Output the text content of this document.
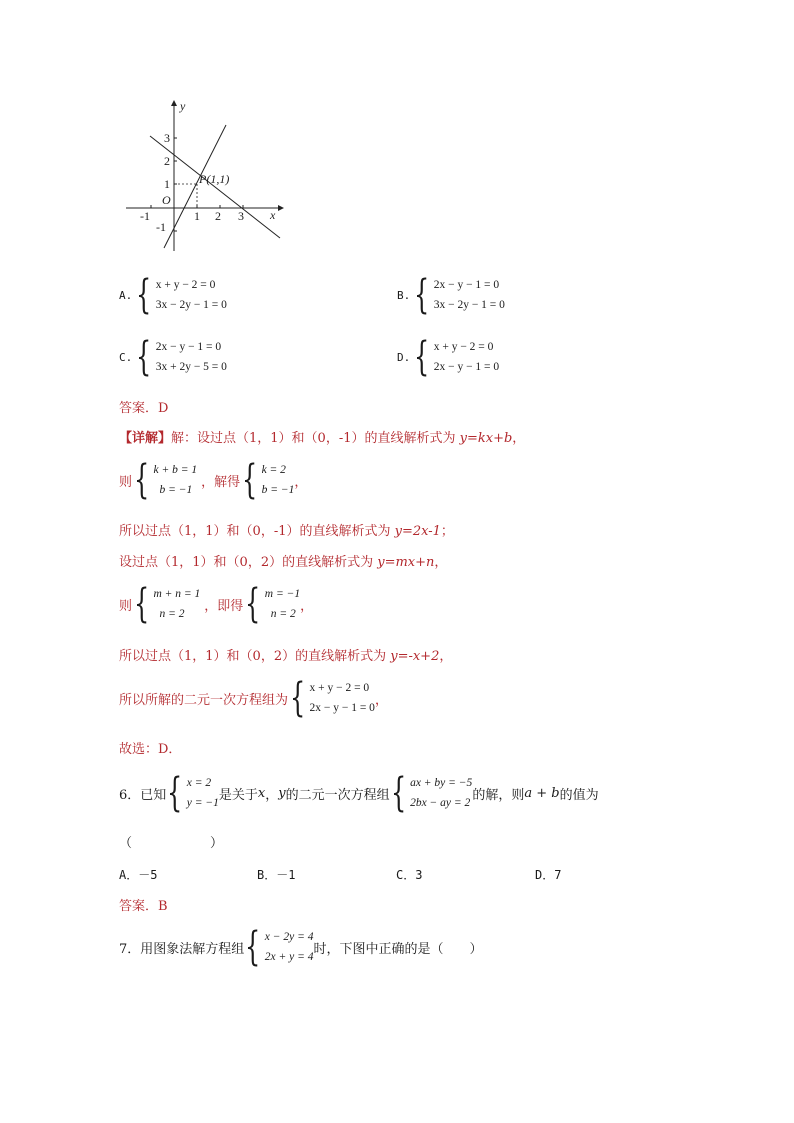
y
x
O
3
2
1
-1
-1	1 2 3
P(1,1)
A. { x + y − 2 = 0
3x − 2y − 1 = 0
B. { 2x − y − 1 = 0
3x − 2y − 1 = 0
C. { 2x − y − 1 = 0
3x + 2y − 5 = 0
D. { x + y − 2 = 0
2x − y − 1 = 0
答案．D
【详解】解：设过点（1，1）和（0，-1）的直线解析式为 y=kx+b，
则 { k + b = 1
b = −1
，解得 { k = 2
b = −1
，
所以过点（1，1）和（0，-1）的直线解析式为 y=2x-1；
设过点（1，1）和（0，2）的直线解析式为 y=mx+n，
则 { m + n = 1
n = 2
，即得 { m = −1
n = 2
，
所以过点（1，1）和（0，2）的直线解析式为 y=-x+2，
所以所解的二元一次方程组为 { x + y − 2 = 0
2x − y − 1 = 0
，
故选：D．
6．已知 { x = 2
y = −1
是关于 x ， y 的二元一次方程组 { ax + by = −5
2bx − ay = 2
的解，则 a + b 的值为
（　　　　　　）
A．－5	B．－1	C．3	D．7
答案．B
7．用图象法解方程组 { x − 2y = 4
2x + y = 4
时，下图中正确的是（　　）
